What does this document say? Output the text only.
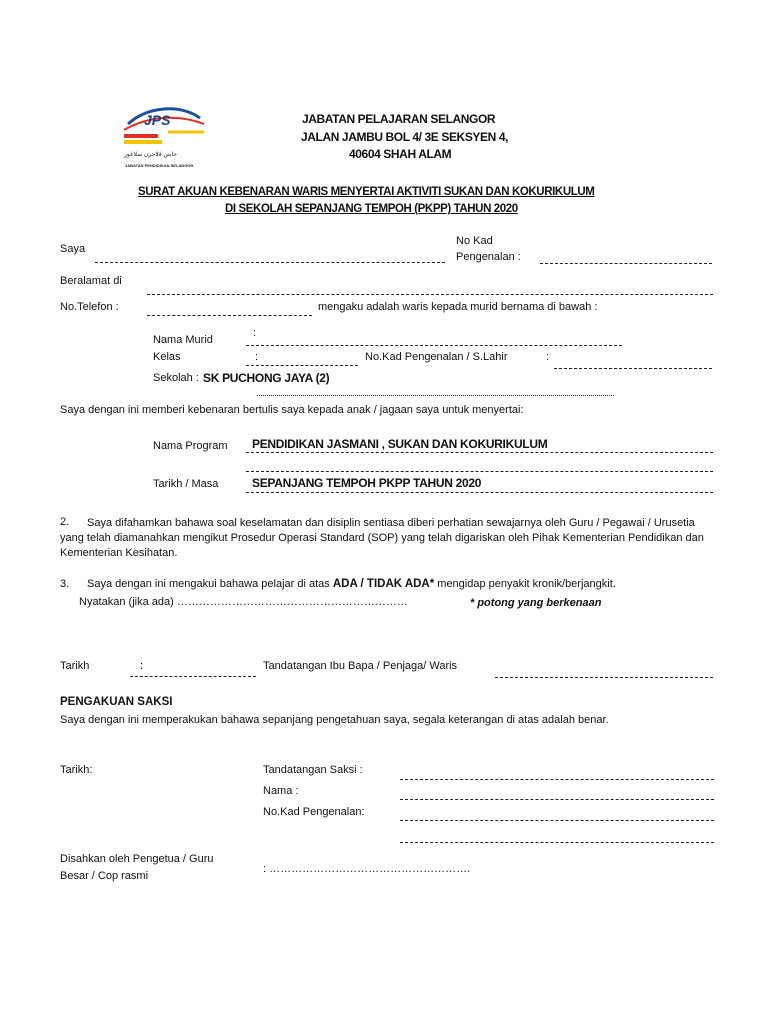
JPS
جابتن ڤلاجرن سلاڠور
JABATAN PENDIDIKAN SELANGOR
JABATAN PELAJARAN SELANGOR
JALAN JAMBU BOL 4/ 3E SEKSYEN 4,
40604 SHAH ALAM
SURAT AKUAN KEBENARAN WARIS MENYERTAI AKTIVITI SUKAN DAN KOKURIKULUM
DI SEKOLAH SEPANJANG TEMPOH (PKPP) TAHUN 2020
Saya
No Kad
Pengenalan :
Beralamat di
No.Telefon :	mengaku adalah waris kepada murid bernama di bawah :
Nama Murid
:
Kelas	:	No.Kad Pengenalan / S.Lahir	:
Sekolah : SK PUCHONG JAYA (2)
Saya dengan ini memberi kebenaran bertulis saya kepada anak / jagaan saya untuk menyertai:
Nama Program PENDIDIKAN JASMANI , SUKAN DAN KOKURIKULUM
Tarikh / Masa	SEPANJANG TEMPOH PKPP TAHUN 2020
2.	Saya difahamkan bahawa soal keselamatan dan disiplin sentiasa diberi perhatian sewajarnya oleh Guru / Pegawai / Urusetia yang telah diamanahkan mengikut Prosedur Operasi Standard (SOP) yang telah digariskan oleh Pihak Kementerian Pendidikan dan Kementerian Kesihatan.
3. Saya dengan ini mengakui bahawa pelajar di atas ADA / TIDAK ADA* mengidap penyakit kronik/berjangkit.
Nyatakan (jika ada) ………………………………………………………	* potong yang berkenaan
Tarikh	:	Tandatangan Ibu Bapa / Penjaga/ Waris
PENGAKUAN SAKSI
Saya dengan ini memperakukan bahawa sepanjang pengetahuan saya, segala keterangan di atas adalah benar.
Tarikh:	Tandatangan Saksi :
Nama :
No.Kad Pengenalan:
Disahkan oleh Pengetua / Guru
Besar / Cop rasmi
: ……………………………………………….
